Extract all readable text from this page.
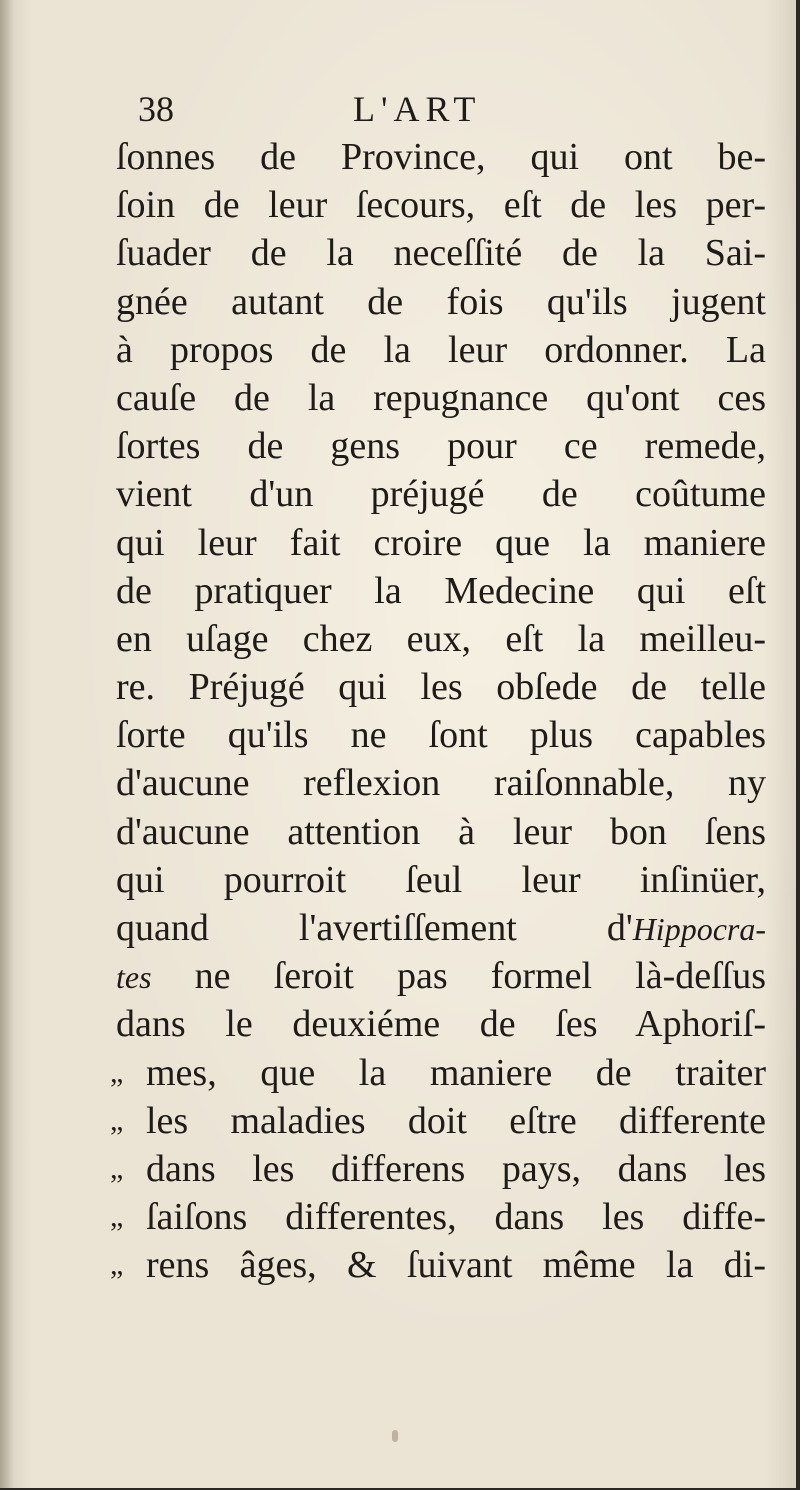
38	L'ART
ſonnes de Province, qui ont be-
ſoin de leur ſecours, eſt de les per-
ſuader de la neceſſité de la Sai-
gnée autant de fois qu'ils jugent
à propos de la leur ordonner. La
cauſe de la repugnance qu'ont ces
ſortes de gens pour ce remede,
vient d'un préjugé de coûtume
qui leur fait croire que la maniere
de pratiquer la Medecine qui eſt
en uſage chez eux, eſt la meilleu-
re. Préjugé qui les obſede de telle
ſorte qu'ils ne ſont plus capables
d'aucune reflexion raiſonnable, ny
d'aucune attention à leur bon ſens
qui pourroit ſeul leur inſinüer,
quand l'avertiſſement d'Hippocra-
tes ne ſeroit pas formel là-deſſus
dans le deuxiéme de ſes Aphoriſ-
„ mes, que la maniere de traiter
„ les maladies doit eſtre differente
„ dans les differens pays, dans les
„ ſaiſons differentes, dans les diffe-
„ rens âges, & ſuivant même la di-
